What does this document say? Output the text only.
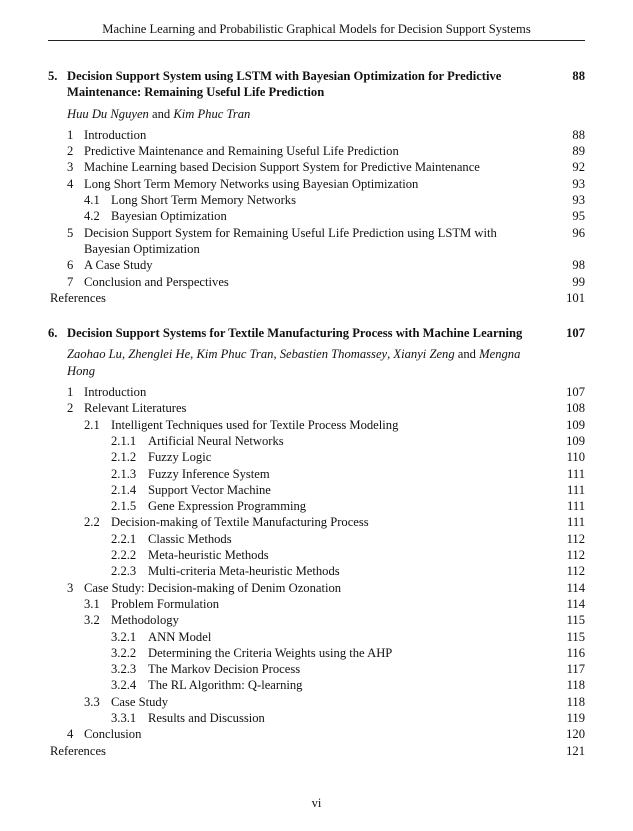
Machine Learning and Probabilistic Graphical Models for Decision Support Systems
5. Decision Support System using LSTM with Bayesian Optimization for Predictive Maintenance: Remaining Useful Life Prediction
88
Huu Du Nguyen and Kim Phuc Tran
1 Introduction	88
2 Predictive Maintenance and Remaining Useful Life Prediction	89
3 Machine Learning based Decision Support System for Predictive Maintenance	92
4 Long Short Term Memory Networks using Bayesian Optimization	93
4.1 Long Short Term Memory Networks	93
4.2 Bayesian Optimization	95
5 Decision Support System for Remaining Useful Life Prediction using LSTM with Bayesian Optimization
96
6 A Case Study	98
7 Conclusion and Perspectives	99
References	101
6. Decision Support Systems for Textile Manufacturing Process with Machine Learning	107
Zaohao Lu, Zhenglei He, Kim Phuc Tran, Sebastien Thomassey, Xianyi Zeng and Mengna Hong
1 Introduction	107
2 Relevant Literatures	108
2.1 Intelligent Techniques used for Textile Process Modeling	109
2.1.1 Artificial Neural Networks	109
2.1.2 Fuzzy Logic	110
2.1.3 Fuzzy Inference System	111
2.1.4 Support Vector Machine	111
2.1.5 Gene Expression Programming	111
2.2 Decision-making of Textile Manufacturing Process	111
2.2.1 Classic Methods	112
2.2.2 Meta-heuristic Methods	112
2.2.3 Multi-criteria Meta-heuristic Methods	112
3 Case Study: Decision-making of Denim Ozonation	114
3.1 Problem Formulation	114
3.2 Methodology	115
3.2.1 ANN Model	115
3.2.2 Determining the Criteria Weights using the AHP	116
3.2.3 The Markov Decision Process	117
3.2.4 The RL Algorithm: Q-learning	118
3.3 Case Study	118
3.3.1 Results and Discussion	119
4 Conclusion	120
References	121
vi
